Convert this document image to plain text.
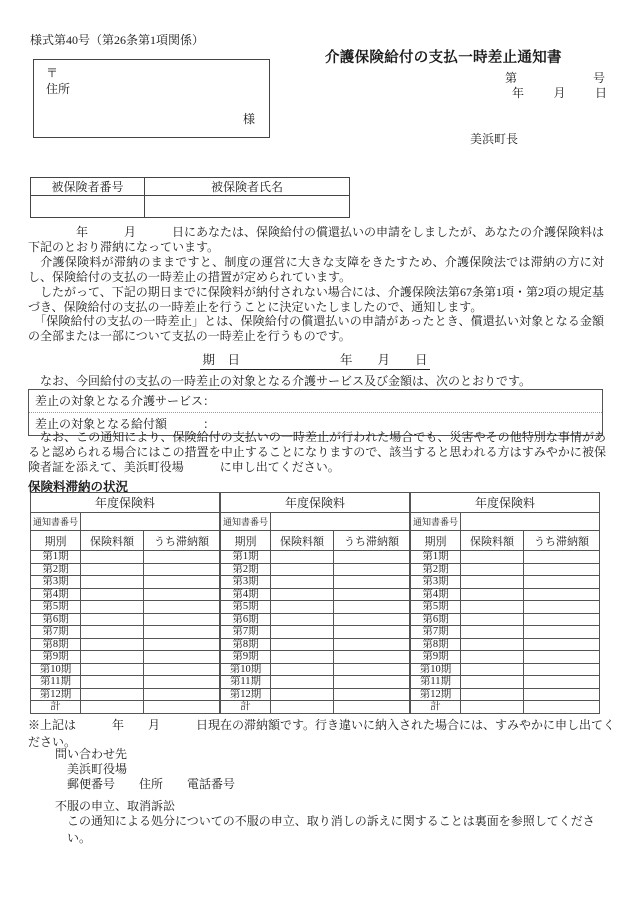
様式第40号（第26条第1項関係）
介護保険給付の支払一時差止通知書
〒
住所
様
第	号
年 月 日
美浜町長
被保険者番号	被保険者氏名

　　　　年　　　月　　　日にあなたは、保険給付の償還払いの申請をしましたが、あなたの介護保険料は下記のとおり滞納になっています。

　介護保険料が滞納のままですと、制度の運営に大きな支障をきたすため、介護保険法では滞納の方に対し、保険給付の支払の一時差止の措置が定められています。

　したがって、下記の期日までに保険料が納付されない場合には、介護保険法第67条第1項・第2項の規定基づき、保険給付の支払の一時差止を行うことに決定いたしましたので、通知します。

　「保険給付の支払の一時差止」とは、保険給付の償還払いの申請があったとき、償還払い対象となる金額の全部または一部について支払の一時差止を行うものです。

期　日　　　　　　　　年　　月　　日

　なお、今回給付の支払の一時差止の対象となる介護サービス及び金額は、次のとおりです。

差止の対象となる介護サービス：
差止の対象となる給付額　　　：

　なお、この通知により、保険給付の支払いの一時差止が行われた場合でも、災害やその他特別な事情があると認められる場合にはこの措置を中止することになりますので、該当すると思われる方はすみやかに被保険者証を添えて、美浜町役場　　　に申し出てください。

保険料滞納の状況
年度保険料		
通知書番号		
期別	保険料額	うち滞納額
第1期		
第2期		
第3期		
第4期		
第5期		
第6期		
第7期		
第8期		
第9期		
第10期		
第11期		
第12期		
計		
年度保険料		
通知書番号		
期別	保険料額	うち滞納額
第1期		
第2期		
第3期		
第4期		
第5期		
第6期		
第7期		
第8期		
第9期		
第10期		
第11期		
第12期		
計		
年度保険料		
通知書番号		
期別	保険料額	うち滞納額
第1期		
第2期		
第3期		
第4期		
第5期		
第6期		
第7期		
第8期		
第9期		
第10期		
第11期		
第12期		
計		
※上記は　　　年　　月　　　日現在の滞納額です。行き違いに納入された場合には、すみやかに申し出てください。
問い合わせ先
美浜町役場
郵便番号　　住所　　電話番号
不服の申立、取消訴訟
この通知による処分についての不服の申立、取り消しの訴えに関することは裏面を参照してください。
